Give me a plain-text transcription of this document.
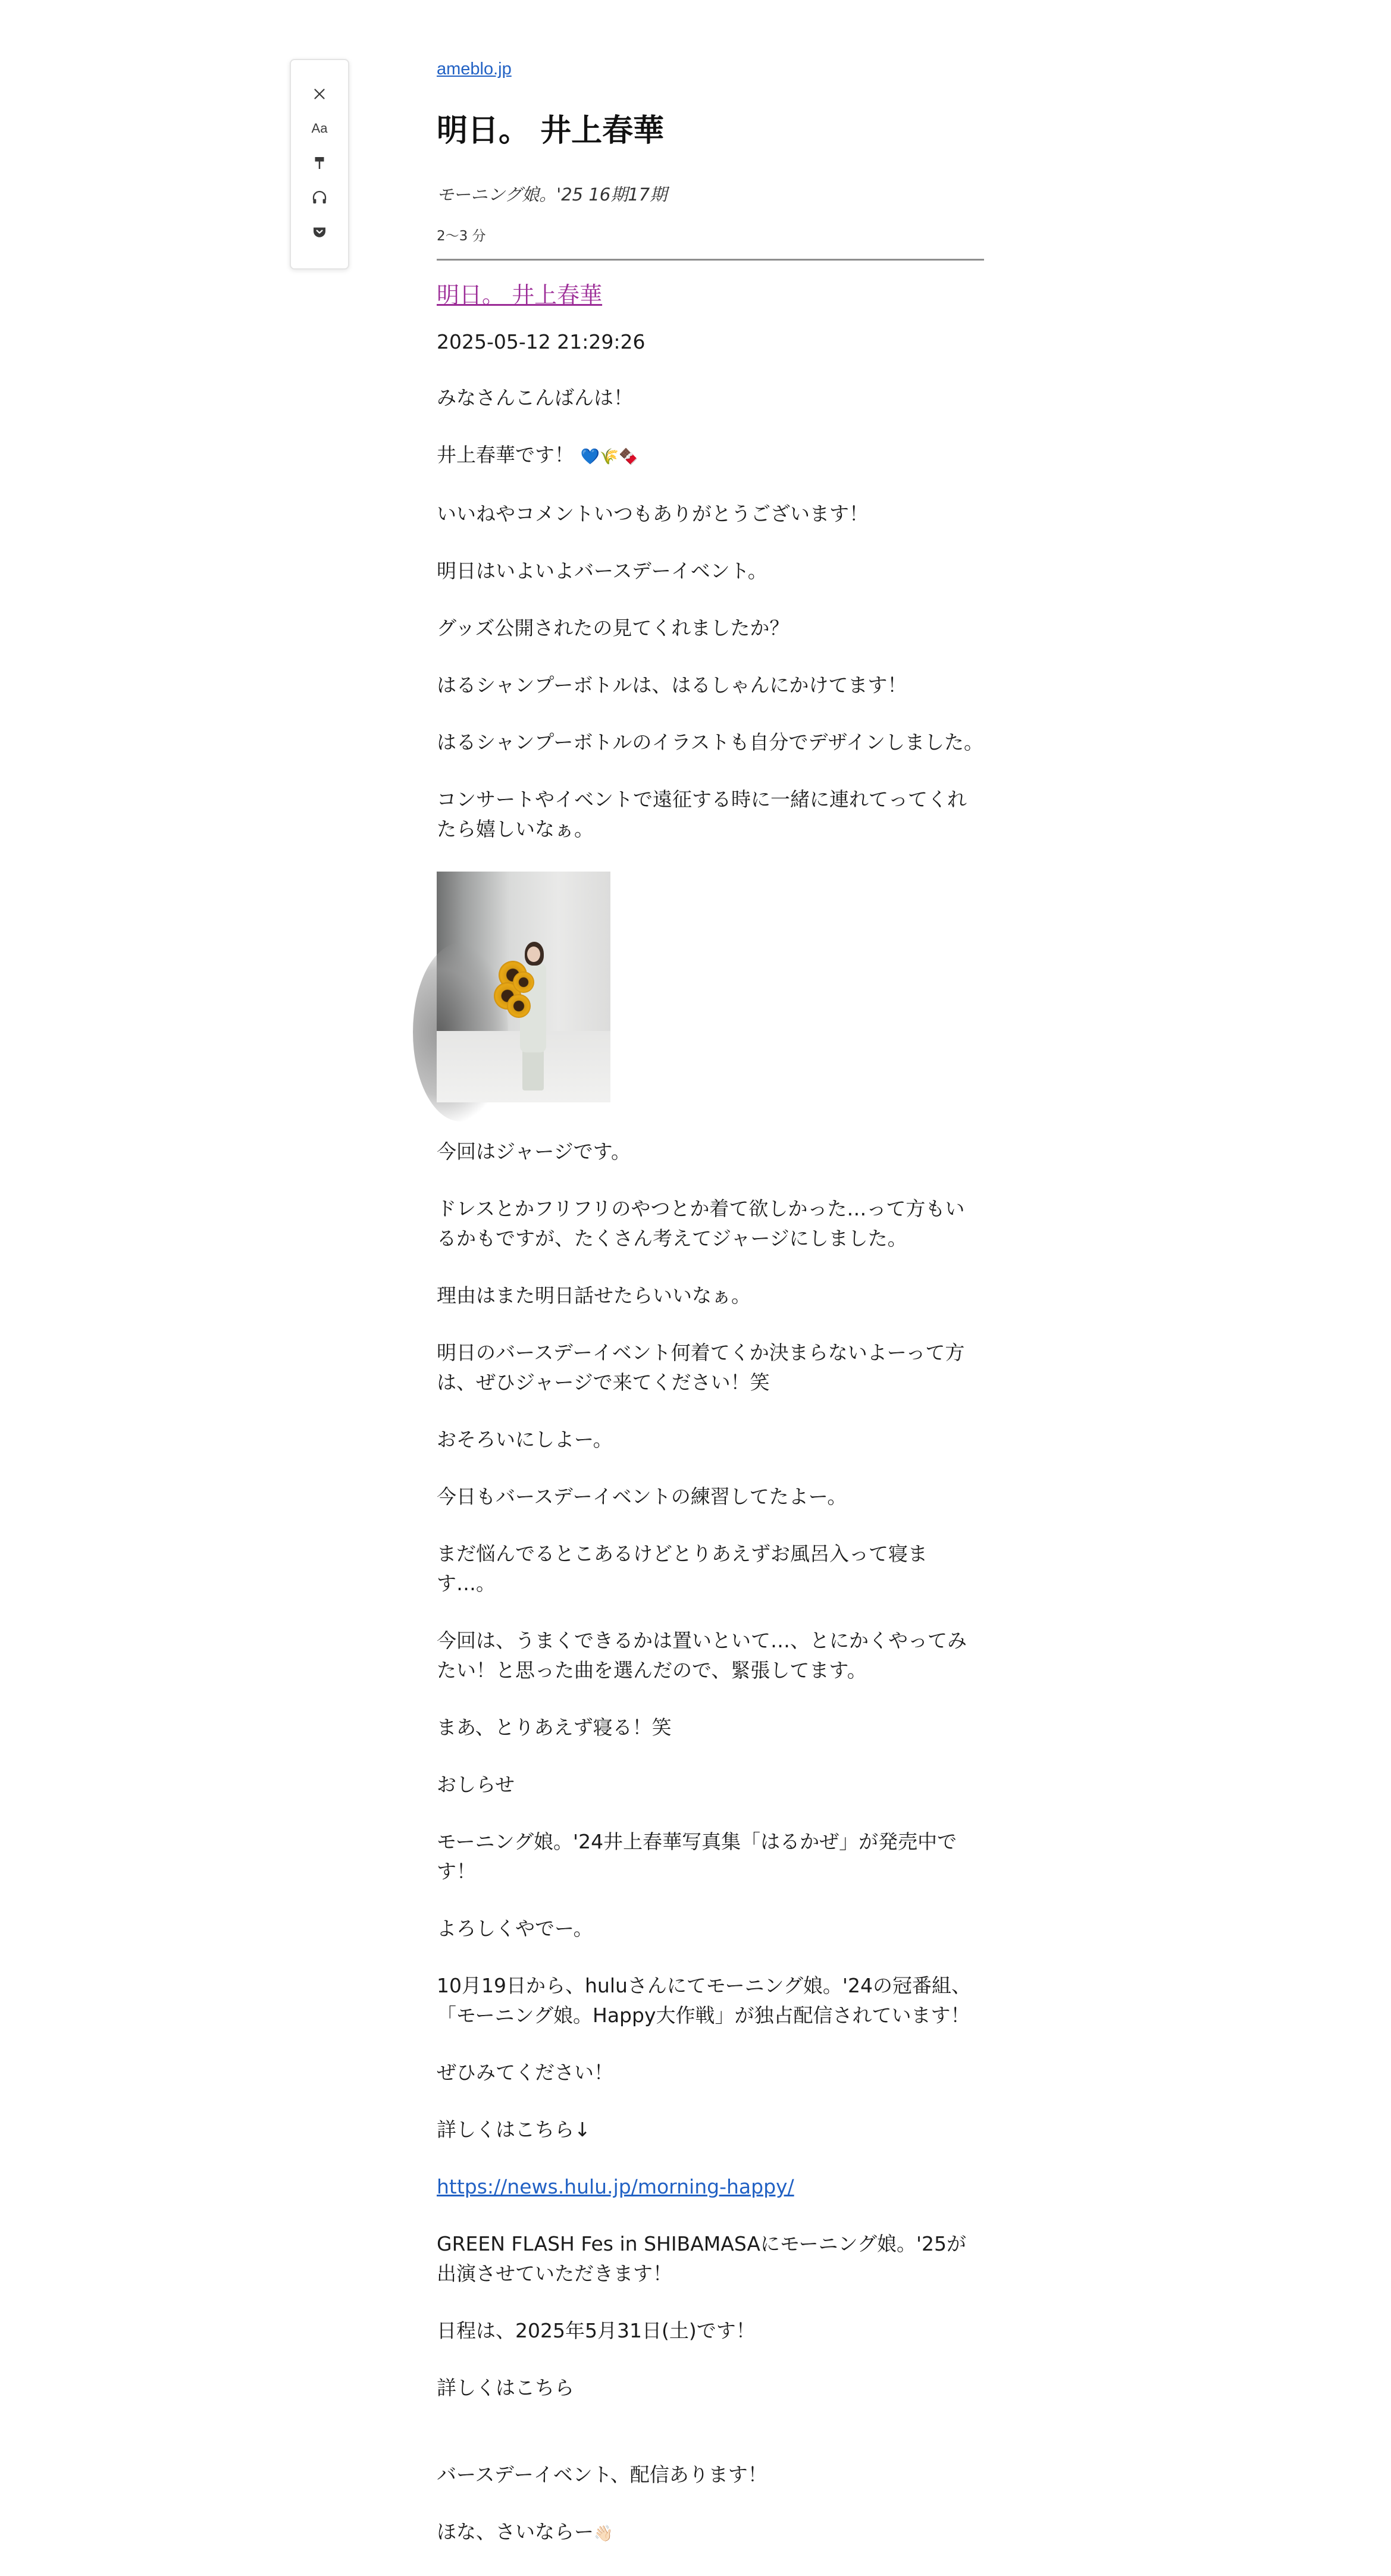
Aa
ameblo.jp
明日。 井上春華
モーニング娘。'25 16期17期
2～3 分
明日。 井上春華

2025-05-12 21:29:26

みなさんこんばんは！

井上春華です！ 💙🌾🍫

いいねやコメントいつもありがとうございます！

明日はいよいよバースデーイベント。

グッズ公開されたの見てくれましたか？

はるシャンプーボトルは、はるしゃんにかけてます！

はるシャンプーボトルのイラストも自分でデザインしました。

コンサートやイベントで遠征する時に一緒に連れてってくれたら嬉しいなぁ。

今回はジャージです。

ドレスとかフリフリのやつとか着て欲しかった…って方もいるかもですが、たくさん考えてジャージにしました。

理由はまた明日話せたらいいなぁ。

明日のバースデーイベント何着てくか決まらないよーって方は、ぜひジャージで来てください！笑

おそろいにしよー。

今日もバースデーイベントの練習してたよー。

まだ悩んでるとこあるけどとりあえずお風呂入って寝ます…。

今回は、うまくできるかは置いといて…、とにかくやってみたい！と思った曲を選んだので、緊張してます。

まあ、とりあえず寝る！笑

おしらせ

モーニング娘。'24井上春華写真集「はるかぜ」が発売中です！

よろしくやでー。

10月19日から、huluさんにてモーニング娘。'24の冠番組、「モーニング娘。Happy大作戦」が独占配信されています！

ぜひみてください！

詳しくはこちら↓

https://news.hulu.jp/morning-happy/

GREEN FLASH Fes in SHIBAMASAにモーニング娘。'25が出演させていただきます！

日程は、2025年5月31日(土)です！

詳しくはこちら

バースデーイベント、配信あります！

ほな、さいならー👋🏻
